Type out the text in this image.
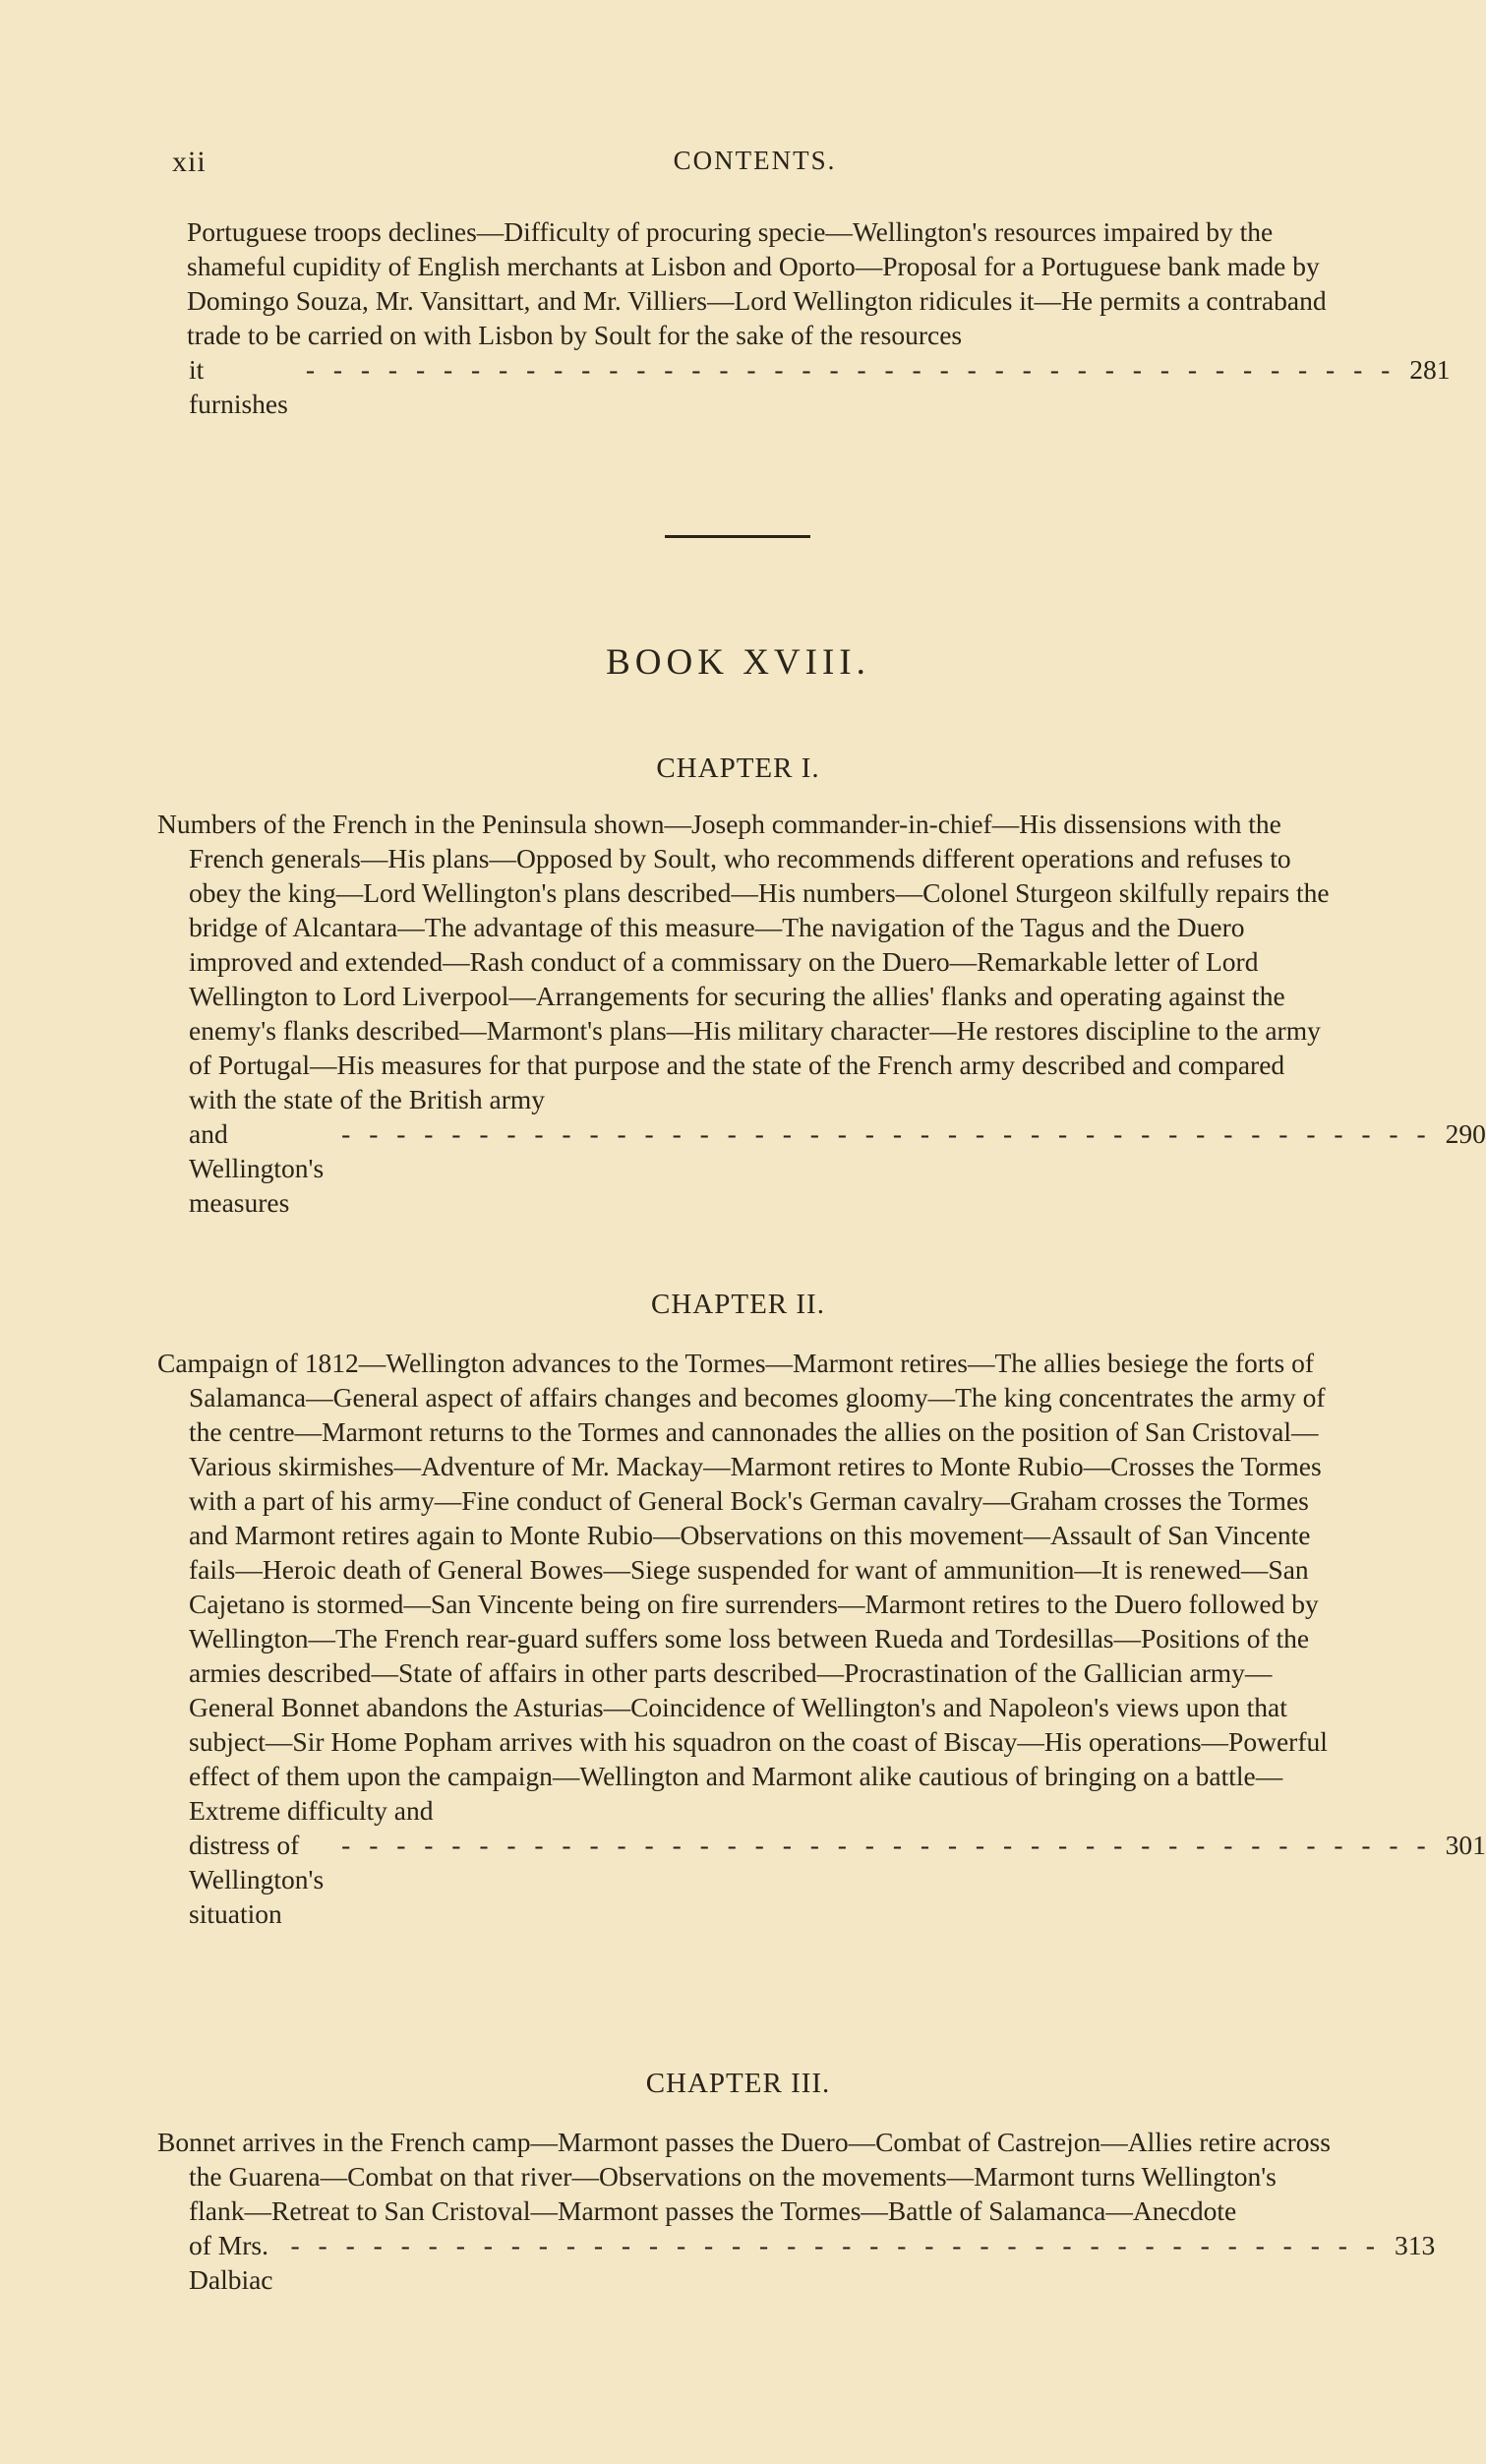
xii	CONTENTS.
Portuguese troops declines—Difficulty of procuring specie—Wellington's resources impaired by the shameful cupidity of English merchants at Lisbon and Oporto—Proposal for a Portuguese bank made by Domingo Souza, Mr. Vansittart, and Mr. Villiers—Lord Wellington ridicules it—He permits a contraband trade to be carried on with Lisbon by Soult for the sake of the resources
it furnishes
- - - - - - - - - - - - - - - - - - - - - - - - - - - - - - - - - - - - - - - - 281
BOOK XVIII.
CHAPTER I.
Numbers of the French in the Peninsula shown—Joseph commander-in-chief—His dissensions with the French generals—His plans—Opposed by Soult, who recommends different operations and refuses to obey the king—Lord Wellington's plans described—His numbers—Colonel Sturgeon skilfully repairs the bridge of Alcantara—The advantage of this measure—The navigation of the Tagus and the Duero improved and extended—Rash conduct of a commissary on the Duero—Remarkable letter of Lord Wellington to Lord Liverpool—Arrangements for securing the allies' flanks and operating against the enemy's flanks described—Marmont's plans—His military character—He restores discipline to the army of Portugal—His measures for that purpose and the state of the French army described and compared with the state of the British army
and Wellington's measures
- - - - - - - - - - - - - - - - - - - - - - - - - - - - - - - - - - - - - - - - 290
CHAPTER II.
Campaign of 1812—Wellington advances to the Tormes—Marmont retires—The allies besiege the forts of Salamanca—General aspect of affairs changes and becomes gloomy—The king concentrates the army of the centre—Marmont returns to the Tormes and cannonades the allies on the position of San Cristoval—Various skirmishes—Adventure of Mr. Mackay—Marmont retires to Monte Rubio—Crosses the Tormes with a part of his army—Fine conduct of General Bock's German cavalry—Graham crosses the Tormes and Marmont retires again to Monte Rubio—Observations on this movement—Assault of San Vincente fails—Heroic death of General Bowes—Siege suspended for want of ammunition—It is renewed—San Cajetano is stormed—San Vincente being on fire surrenders—Marmont retires to the Duero followed by Wellington—The French rear-guard suffers some loss between Rueda and Tordesillas—Positions of the armies described—State of affairs in other parts described—Procrastination of the Gallician army—General Bonnet abandons the Asturias—Coincidence of Wellington's and Napoleon's views upon that subject—Sir Home Popham arrives with his squadron on the coast of Biscay—His operations—Powerful effect of them upon the campaign—Wellington and Marmont alike cautious of bringing on a battle—Extreme difficulty and
distress of Wellington's situation
- - - - - - - - - - - - - - - - - - - - - - - - - - - - - - - - - - - - - - - - 301
CHAPTER III.
Bonnet arrives in the French camp—Marmont passes the Duero—Combat of Castrejon—Allies retire across the Guarena—Combat on that river—Observations on the movements—Marmont turns Wellington's flank—Retreat to San Cristoval—Marmont passes the Tormes—Battle of Salamanca—Anecdote
of Mrs. Dalbiac
- - - - - - - - - - - - - - - - - - - - - - - - - - - - - - - - - - - - - - - - 313
